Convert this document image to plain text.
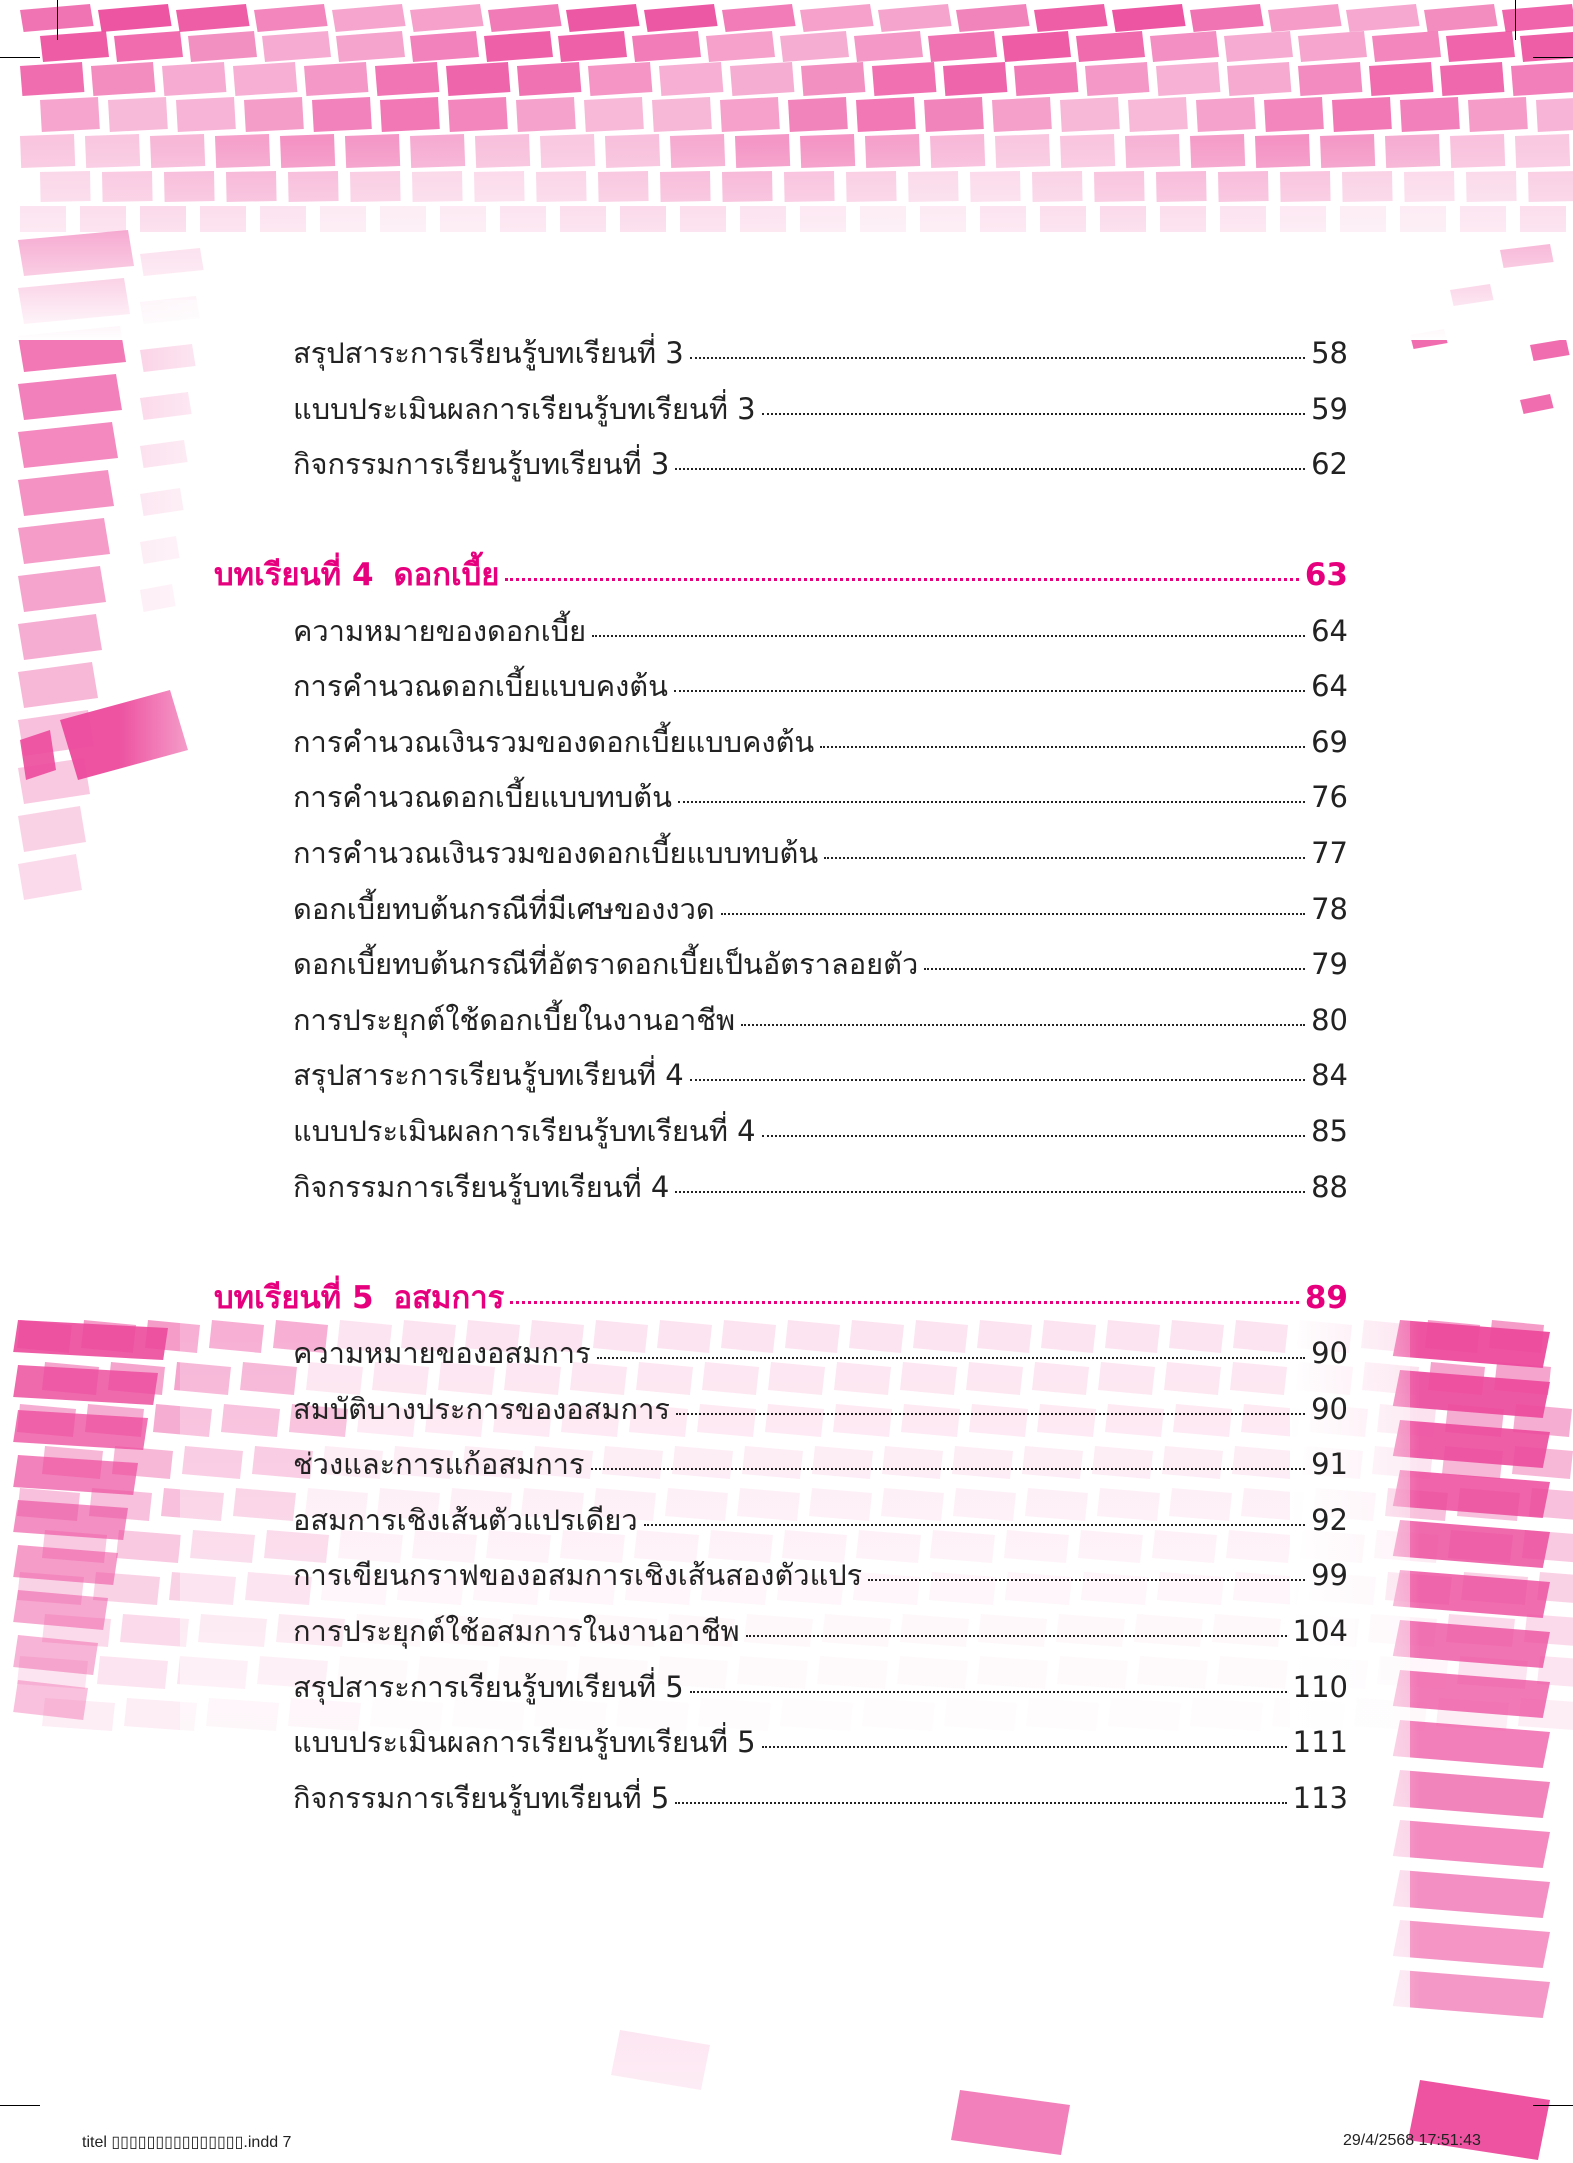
สรุปสาระการเรียนรู้บทเรียนที่ 3	58
แบบประเมินผลการเรียนรู้บทเรียนที่ 3	59
กิจกรรมการเรียนรู้บทเรียนที่ 3	62
บทเรียนที่ 4 ดอกเบี้ย	63
ความหมายของดอกเบี้ย	64
การคำนวณดอกเบี้ยแบบคงต้น	64
การคำนวณเงินรวมของดอกเบี้ยแบบคงต้น	69
การคำนวณดอกเบี้ยแบบทบต้น	76
การคำนวณเงินรวมของดอกเบี้ยแบบทบต้น	77
ดอกเบี้ยทบต้นกรณีที่มีเศษของงวด	78
ดอกเบี้ยทบต้นกรณีที่อัตราดอกเบี้ยเป็นอัตราลอยตัว	79
การประยุกต์ใช้ดอกเบี้ยในงานอาชีพ	80
สรุปสาระการเรียนรู้บทเรียนที่ 4	84
แบบประเมินผลการเรียนรู้บทเรียนที่ 4	85
กิจกรรมการเรียนรู้บทเรียนที่ 4	88
บทเรียนที่ 5 อสมการ	89
ความหมายของอสมการ	90
สมบัติบางประการของอสมการ	90
ช่วงและการแก้อสมการ	91
อสมการเชิงเส้นตัวแปรเดียว	92
การเขียนกราฟของอสมการเชิงเส้นสองตัวแปร	99
การประยุกต์ใช้อสมการในงานอาชีพ	104
สรุปสาระการเรียนรู้บทเรียนที่ 5	110
แบบประเมินผลการเรียนรู้บทเรียนที่ 5	111
กิจกรรมการเรียนรู้บทเรียนที่ 5	113
titel ▯▯▯▯▯▯▯▯▯▯▯▯▯▯▯.indd 7	29/4/2568 17:51:43
